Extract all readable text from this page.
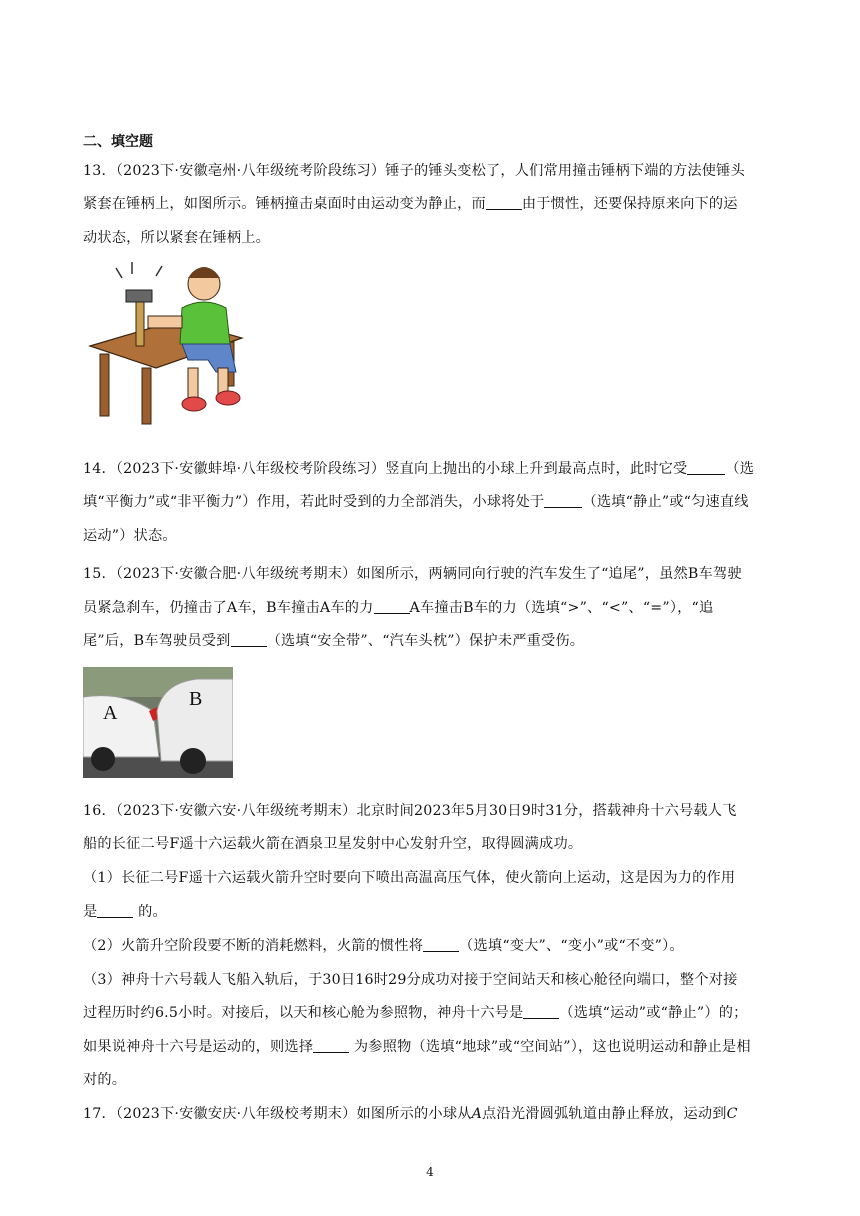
二、填空题
13．（2023下·安徽亳州·八年级统考阶段练习）锤子的锤头变松了，人们常用撞击锤柄下端的方法使锤头
紧套在锤柄上，如图所示。锤柄撞击桌面时由运动变为静止，而	由于惯性，还要保持原来向下的运
动状态，所以紧套在锤柄上。
14．（2023下·安徽蚌埠·八年级校考阶段练习）竖直向上抛出的小球上升到最高点时，此时它受	（选
填“平衡力”或“非平衡力”）作用，若此时受到的力全部消失，小球将处于	（选填“静止”或“匀速直线
运动”）状态。
15．（2023下·安徽合肥·八年级统考期末）如图所示，两辆同向行驶的汽车发生了“追尾”，虽然B车驾驶
员紧急刹车，仍撞击了A车，B车撞击A车的力	A车撞击B车的力（选填“>”、“<”、“=”），“追
尾”后，B车驾驶员受到	（选填“安全带”、“汽车头枕”）保护未严重受伤。
A
B
16．（2023下·安徽六安·八年级统考期末）北京时间2023年5月30日9时31分，搭载神舟十六号载人飞
船的长征二号F遥十六运载火箭在酒泉卫星发射中心发射升空，取得圆满成功。
（1）长征二号F遥十六运载火箭升空时要向下喷出高温高压气体，使火箭向上运动，这是因为力的作用
是	的。
（2）火箭升空阶段要不断的消耗燃料，火箭的惯性将	（选填“变大”、“变小”或“不变”）。
（3）神舟十六号载人飞船入轨后，于30日16时29分成功对接于空间站天和核心舱径向端口，整个对接
过程历时约6.5小时。对接后，以天和核心舱为参照物，神舟十六号是	（选填“运动”或“静止”）的；
如果说神舟十六号是运动的，则选择	为参照物（选填“地球”或“空间站”），这也说明运动和静止是相
对的。
17．（2023下·安徽安庆·八年级校考期末）如图所示的小球从A点沿光滑圆弧轨道由静止释放，运动到C
4
